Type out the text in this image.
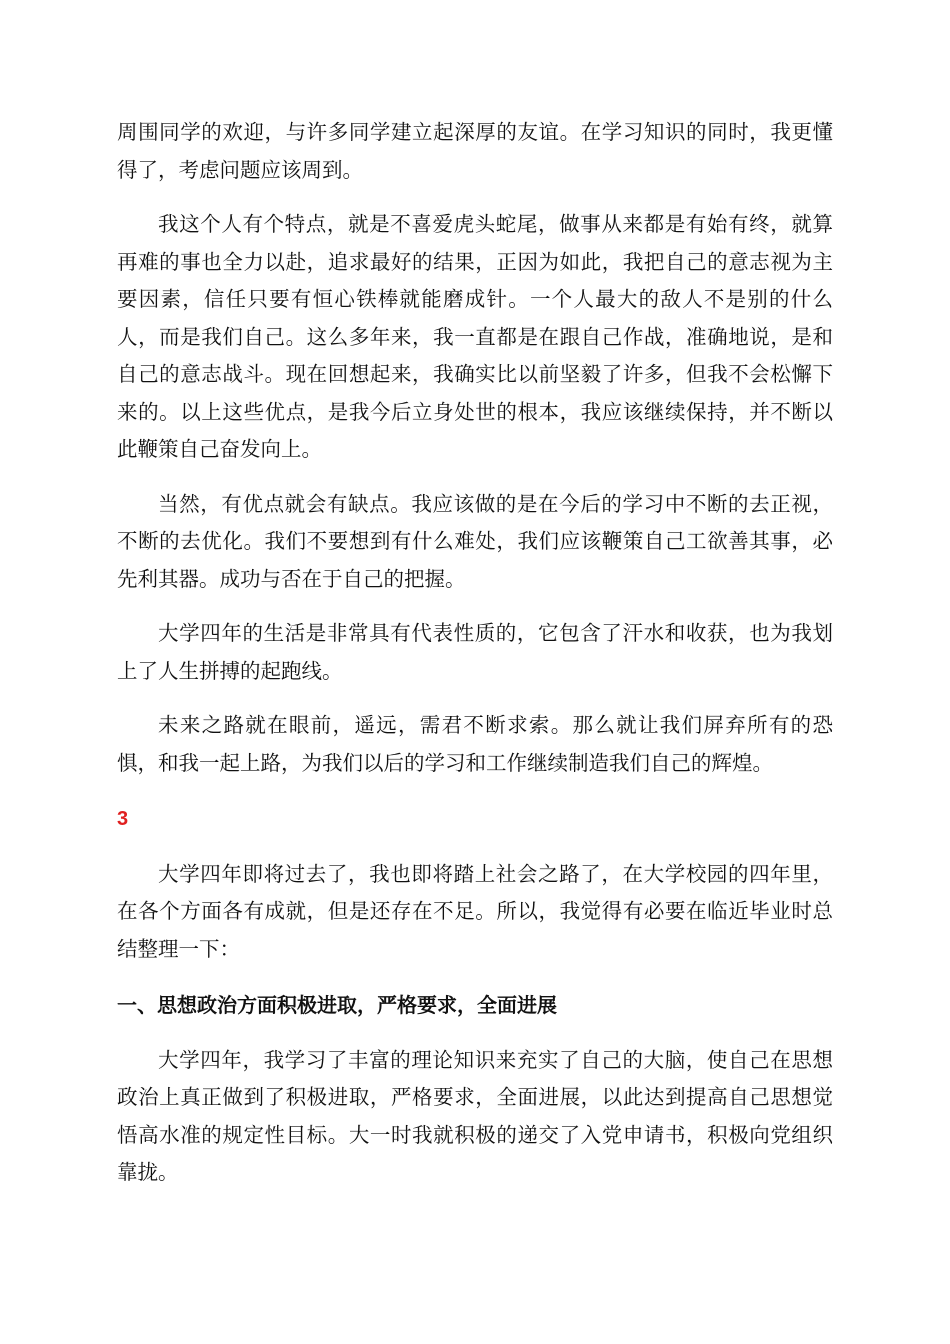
周围同学的欢迎，与许多同学建立起深厚的友谊。在学习知识的同时，我更懂得了，考虑问题应该周到。

我这个人有个特点，就是不喜爱虎头蛇尾，做事从来都是有始有终，就算再难的事也全力以赴，追求最好的结果，正因为如此，我把自己的意志视为主要因素，信任只要有恒心铁棒就能磨成针。一个人最大的敌人不是别的什么人，而是我们自己。这么多年来，我一直都是在跟自己作战，准确地说，是和自己的意志战斗。现在回想起来，我确实比以前坚毅了许多，但我不会松懈下来的。以上这些优点，是我今后立身处世的根本，我应该继续保持，并不断以此鞭策自己奋发向上。

当然，有优点就会有缺点。我应该做的是在今后的学习中不断的去正视，不断的去优化。我们不要想到有什么难处，我们应该鞭策自己工欲善其事，必先利其器。成功与否在于自己的把握。

大学四年的生活是非常具有代表性质的，它包含了汗水和收获，也为我划上了人生拼搏的起跑线。

未来之路就在眼前，遥远，需君不断求索。那么就让我们屏弃所有的恐惧，和我一起上路，为我们以后的学习和工作继续制造我们自己的辉煌。

3

大学四年即将过去了，我也即将踏上社会之路了，在大学校园的四年里，在各个方面各有成就，但是还存在不足。所以，我觉得有必要在临近毕业时总结整理一下：

一、思想政治方面积极进取，严格要求，全面进展

大学四年，我学习了丰富的理论知识来充实了自己的大脑，使自己在思想政治上真正做到了积极进取，严格要求，全面进展，以此达到提高自己思想觉悟高水准的规定性目标。大一时我就积极的递交了入党申请书，积极向党组织靠拢。
